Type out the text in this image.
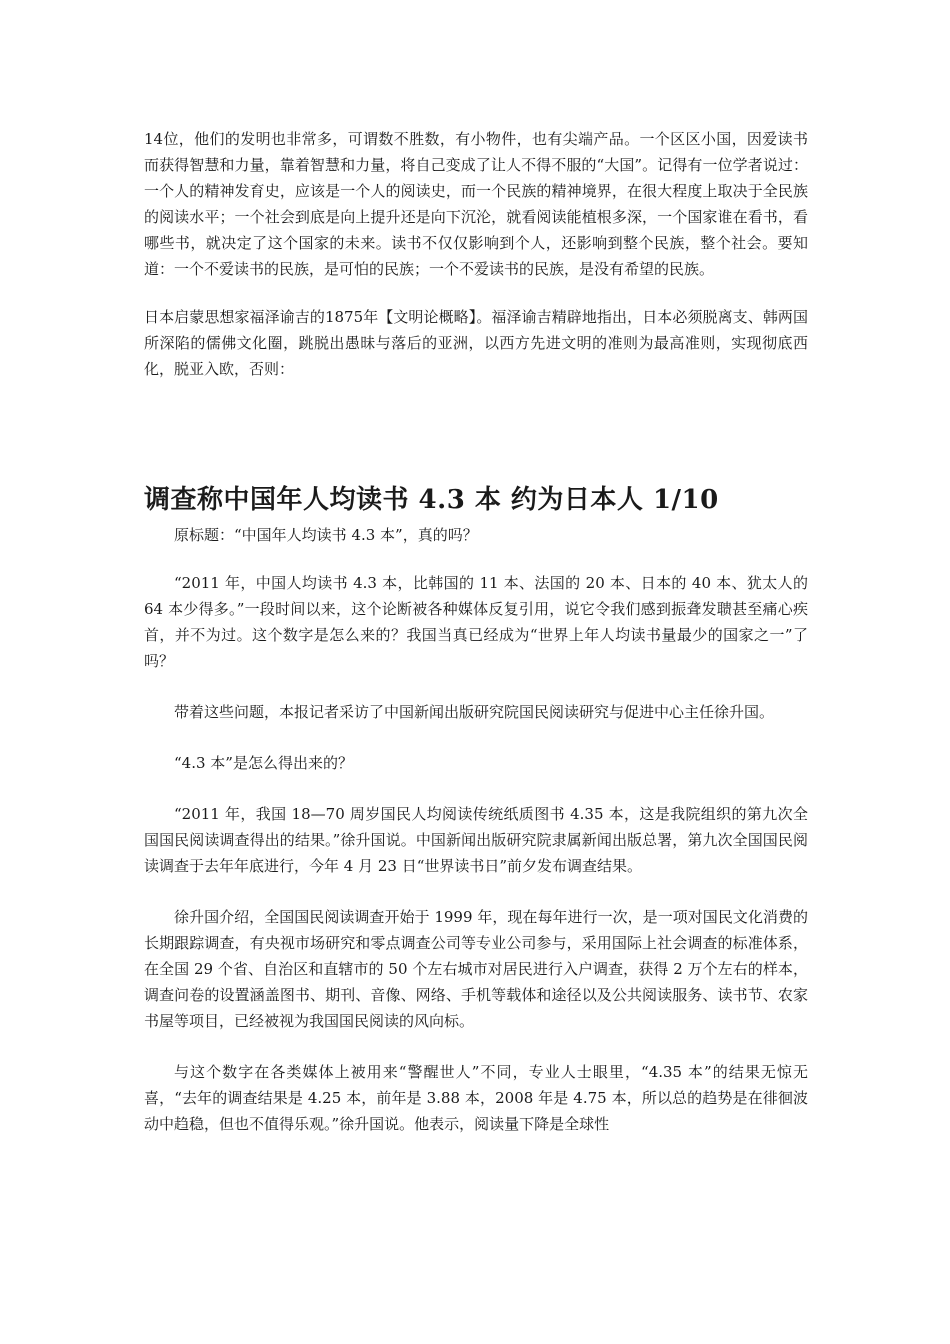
14位，他们的发明也非常多，可谓数不胜数，有小物件，也有尖端产品。一个区区小国，因爱读书而获得智慧和力量，靠着智慧和力量，将自己变成了让人不得不服的“大国”。记得有一位学者说过：一个人的精神发育史，应该是一个人的阅读史，而一个民族的精神境界，在很大程度上取决于全民族的阅读水平；一个社会到底是向上提升还是向下沉沦，就看阅读能植根多深，一个国家谁在看书，看哪些书，就决定了这个国家的未来。读书不仅仅影响到个人，还影响到整个民族，整个社会。要知道：一个不爱读书的民族，是可怕的民族；一个不爱读书的民族，是没有希望的民族。

日本启蒙思想家福泽谕吉的1875年【文明论概略】。福泽谕吉精辟地指出，日本必须脱离支、韩两国所深陷的儒佛文化圈，跳脱出愚昧与落后的亚洲，以西方先进文明的准则为最高准则，实现彻底西化，脱亚入欧，否则：

调查称中国年人均读书 4.3 本 约为日本人 1/10

原标题：“中国年人均读书 4.3 本”，真的吗？

“2011 年，中国人均读书 4.3 本，比韩国的 11 本、法国的 20 本、日本的 40 本、犹太人的 64 本少得多。”一段时间以来，这个论断被各种媒体反复引用，说它令我们感到振聋发聩甚至痛心疾首，并不为过。这个数字是怎么来的？我国当真已经成为“世界上年人均读书量最少的国家之一”了吗？

带着这些问题，本报记者采访了中国新闻出版研究院国民阅读研究与促进中心主任徐升国。

“4.3 本”是怎么得出来的？

“2011 年，我国 18—70 周岁国民人均阅读传统纸质图书 4.35 本，这是我院组织的第九次全国国民阅读调查得出的结果。”徐升国说。中国新闻出版研究院隶属新闻出版总署，第九次全国国民阅读调查于去年年底进行，今年 4 月 23 日“世界读书日”前夕发布调查结果。

徐升国介绍，全国国民阅读调查开始于 1999 年，现在每年进行一次，是一项对国民文化消费的长期跟踪调查，有央视市场研究和零点调查公司等专业公司参与，采用国际上社会调查的标准体系，在全国 29 个省、自治区和直辖市的 50 个左右城市对居民进行入户调查，获得 2 万个左右的样本，调查问卷的设置涵盖图书、期刊、音像、网络、手机等载体和途径以及公共阅读服务、读书节、农家书屋等项目，已经被视为我国国民阅读的风向标。

与这个数字在各类媒体上被用来“警醒世人”不同，专业人士眼里，“4.35 本”的结果无惊无喜，“去年的调查结果是 4.25 本，前年是 3.88 本，2008 年是 4.75 本，所以总的趋势是在徘徊波动中趋稳，但也不值得乐观。”徐升国说。他表示，阅读量下降是全球性
